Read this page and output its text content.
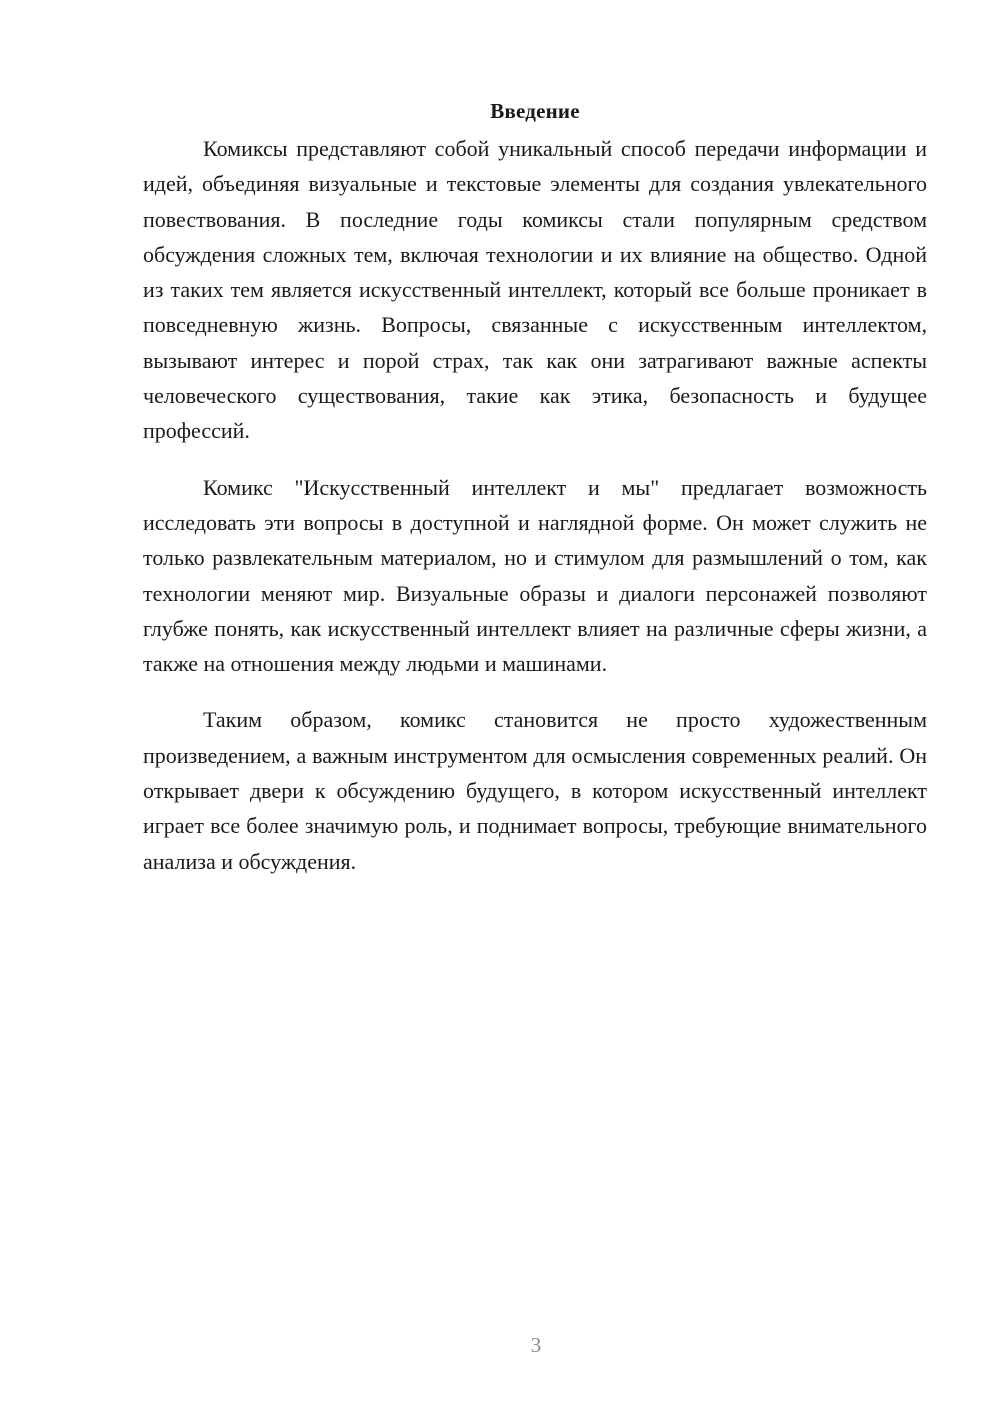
Введение

Комиксы представляют собой уникальный способ передачи информации и идей, объединяя визуальные и текстовые элементы для создания увлекательного повествования. В последние годы комиксы стали популярным средством обсуждения сложных тем, включая технологии и их влияние на общество. Одной из таких тем является искусственный интеллект, который все больше проникает в повседневную жизнь. Вопросы, связанные с искусственным интеллектом, вызывают интерес и порой страх, так как они затрагивают важные аспекты человеческого существования, такие как этика, безопасность и будущее профессий.

Комикс "Искусственный интеллект и мы" предлагает возможность исследовать эти вопросы в доступной и наглядной форме. Он может служить не только развлекательным материалом, но и стимулом для размышлений о том, как технологии меняют мир. Визуальные образы и диалоги персонажей позволяют глубже понять, как искусственный интеллект влияет на различные сферы жизни, а также на отношения между людьми и машинами.

Таким образом, комикс становится не просто художественным произведением, а важным инструментом для осмысления современных реалий. Он открывает двери к обсуждению будущего, в котором искусственный интеллект играет все более значимую роль, и поднимает вопросы, требующие внимательного анализа и обсуждения.

3
